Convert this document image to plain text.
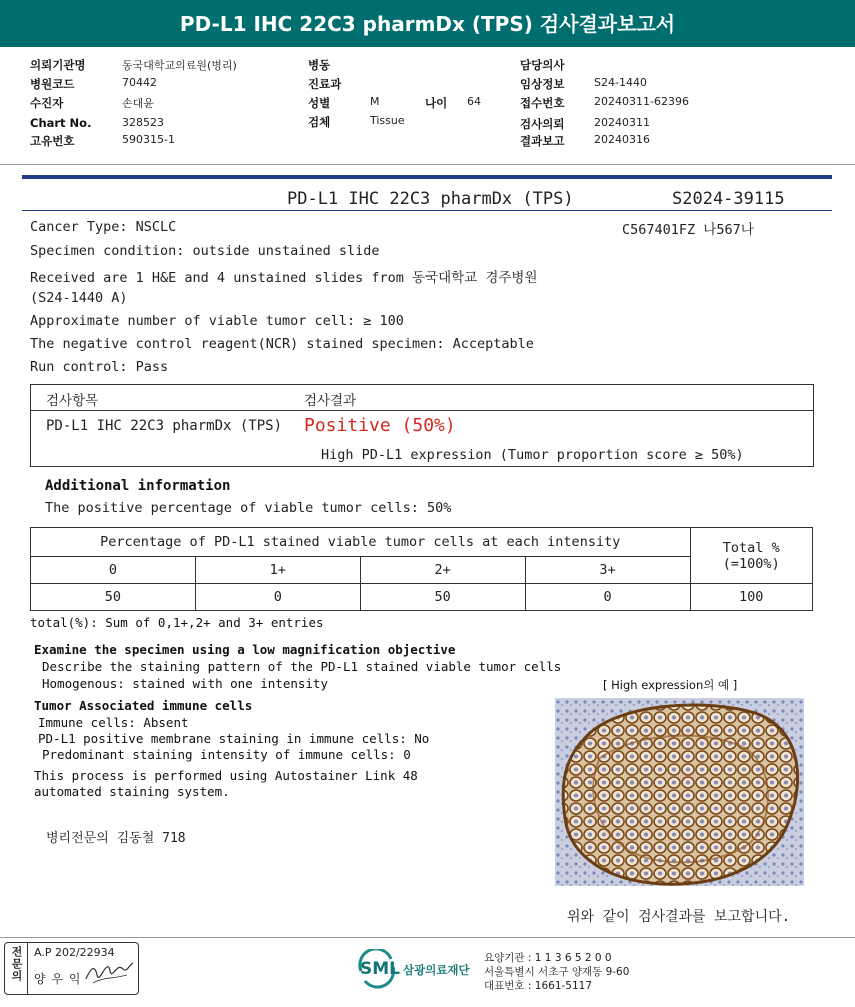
PD-L1 IHC 22C3 pharmDx (TPS) 검사결과보고서
의뢰기관명	동국대학교의료원(병리)
병원코드	70442
수진자	손대윤
Chart No.	328523
고유번호	590315-1
병동
진료과
성별	M	나이 64
검체	Tissue
담당의사
임상정보	S24-1440
접수번호	20240311-62396
검사의뢰	20240311
결과보고	20240316
PD-L1 IHC 22C3 pharmDx (TPS)	S2024-39115
Cancer Type: NSCLC	C567401FZ 나567나
Specimen condition: outside unstained slide
Received are 1 H&E and 4 unstained slides from 동국대학교 경주병원
(S24-1440 A)
Approximate number of viable tumor cell: ≥ 100
The negative control reagent(NCR) stained specimen: Acceptable
Run control: Pass
검사항목	검사결과
PD-L1 IHC 22C3 pharmDx (TPS) Positive (50%)
High PD-L1 expression (Tumor proportion score ≥ 50%)
Additional information
The positive percentage of viable tumor cells: 50%
Percentage of PD-L1 stained viable tumor cells at each intensity				Total %
(=100%)

0	1+	2+	3+	
50	0	50	0	100
total(%): Sum of 0,1+,2+ and 3+ entries
Examine the specimen using a low magnification objective
Describe the staining pattern of the PD-L1 stained viable tumor cells
Homogenous: stained with one intensity
Tumor Associated immune cells
Immune cells: Absent
PD-L1 positive membrane staining in immune cells: No
Predominant staining intensity of immune cells: 0
This process is performed using Autostainer Link 48
automated staining system.
병리전문의 김동철 718
[ High expression의 예 ]
위와 같이 검사결과를 보고합니다.
전문의 A.P 202/22934
양 우 익	SML 삼광의료재단
요양기관 : 1 1 3 6 5 2 0 0
서울특별시 서초구 양재동 9-60
대표번호 : 1661-5117
